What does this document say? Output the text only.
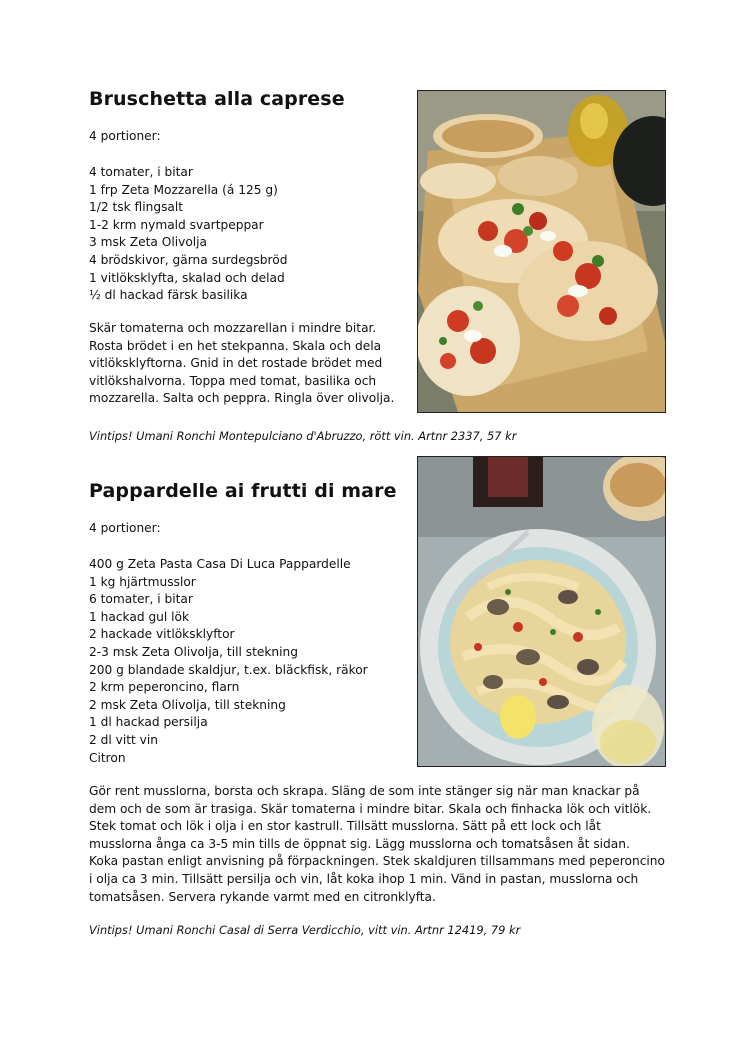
Bruschetta alla caprese
4 portioner:
4 tomater, i bitar
1 frp Zeta Mozzarella (á 125 g)
1/2 tsk flingsalt
1-2 krm nymald svartpeppar
3 msk Zeta Olivolja
4 brödskivor, gärna surdegsbröd
1 vitlöksklyfta, skalad och delad
½ dl hackad färsk basilika
Skär tomaterna och mozzarellan i mindre bitar.
Rosta brödet i en het stekpanna. Skala och dela
vitlöksklyftorna. Gnid in det rostade brödet med
vitlökshalvorna. Toppa med tomat, basilika och
mozzarella. Salta och peppra. Ringla över olivolja.
Vintips! Umani Ronchi Montepulciano d'Abruzzo, rött vin. Artnr 2337, 57 kr
Pappardelle ai frutti di mare
4 portioner:
400 g Zeta Pasta Casa Di Luca Pappardelle
1 kg hjärtmusslor
6 tomater, i bitar
1 hackad gul lök
2 hackade vitlöksklyftor
2-3 msk Zeta Olivolja, till stekning
200 g blandade skaldjur, t.ex. bläckfisk, räkor
2 krm peperoncino, flarn
2 msk Zeta Olivolja, till stekning
1 dl hackad persilja
2 dl vitt vin
Citron
Gör rent musslorna, borsta och skrapa. Släng de som inte stänger sig när man knackar på
dem och de som är trasiga. Skär tomaterna i mindre bitar. Skala och finhacka lök och vitlök.
Stek tomat och lök i olja i en stor kastrull. Tillsätt musslorna. Sätt på ett lock och låt
musslorna ånga ca 3-5 min tills de öppnat sig. Lägg musslorna och tomatsåsen åt sidan.
Koka pastan enligt anvisning på förpackningen. Stek skaldjuren tillsammans med peperoncino
i olja ca 3 min. Tillsätt persilja och vin, låt koka ihop 1 min. Vänd in pastan, musslorna och
tomatsåsen. Servera rykande varmt med en citronklyfta.
Vintips! Umani Ronchi Casal di Serra Verdicchio, vitt vin. Artnr 12419, 79 kr
